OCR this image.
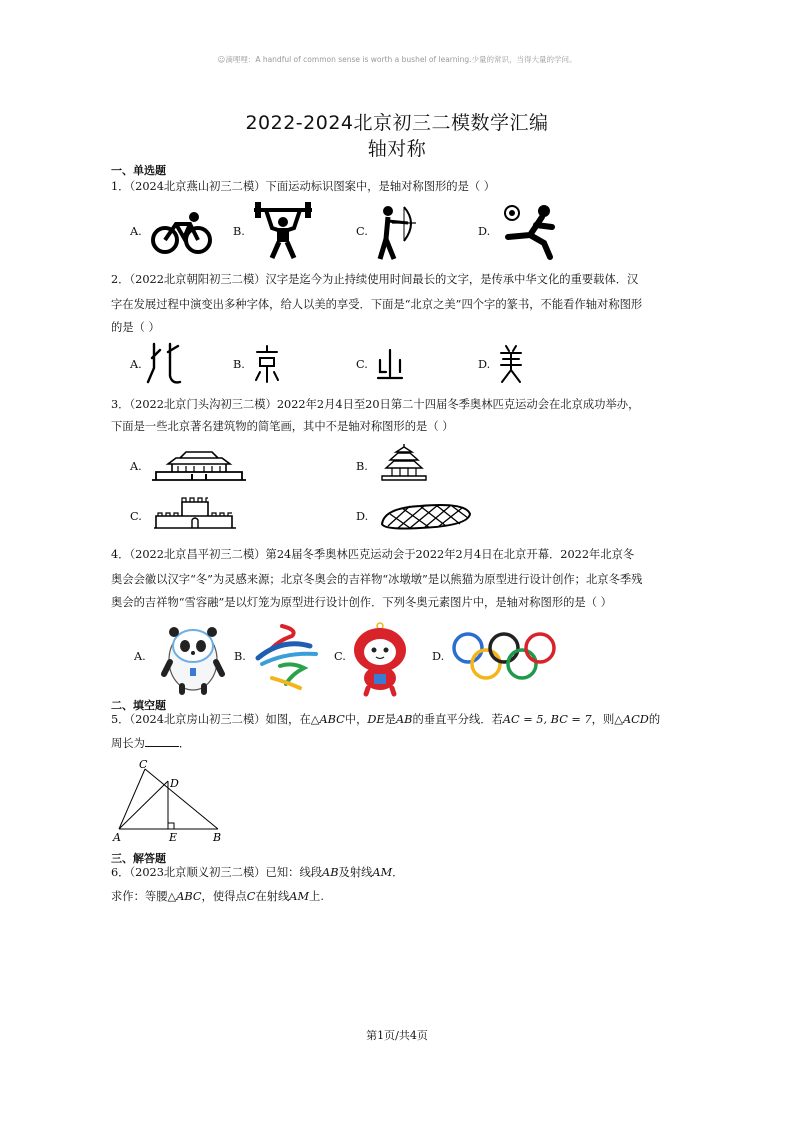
☺滴哩哩：A handful of common sense is worth a bushel of learning.少量的常识，当得大量的学问。
2022-2024北京初三二模数学汇编
轴对称
一、单选题
1．（2024北京燕山初三二模）下面运动标识图案中，是轴对称图形的是（ ）
A.	B.	C.	D.
2．（2022北京朝阳初三二模）汉字是迄今为止持续使用时间最长的文字，是传承中华文化的重要载体．汉
字在发展过程中演变出多种字体，给人以美的享受．下面是“北京之美”四个字的篆书，不能看作轴对称图形
的是（ ）
A.	B.	C.	D.
3．（2022北京门头沟初三二模）2022年2月4日至20日第二十四届冬季奥林匹克运动会在北京成功举办，
下面是一些北京著名建筑物的简笔画，其中不是轴对称图形的是（ ）
A.	B.
C.	D.
4．（2022北京昌平初三二模）第24届冬季奥林匹克运动会于2022年2月4日在北京开幕．2022年北京冬
奥会会徽以汉字“冬”为灵感来源；北京冬奥会的吉祥物“冰墩墩”是以熊猫为原型进行设计创作；北京冬季残
奥会的吉祥物“雪容融”是以灯笼为原型进行设计创作．下列冬奥元素图片中，是轴对称图形的是（ ）
A.	B.	C.	D.
二、填空题
5．（2024北京房山初三二模）如图，在△ABC中，DE是AB的垂直平分线．若AC = 5, BC = 7，则△ACD的
周长为	．
C
D
A	E	B
三、解答题
6．（2023北京顺义初三二模）已知：线段AB及射线AM．
求作：等腰△ABC，使得点C在射线AM上.
第1页/共4页
